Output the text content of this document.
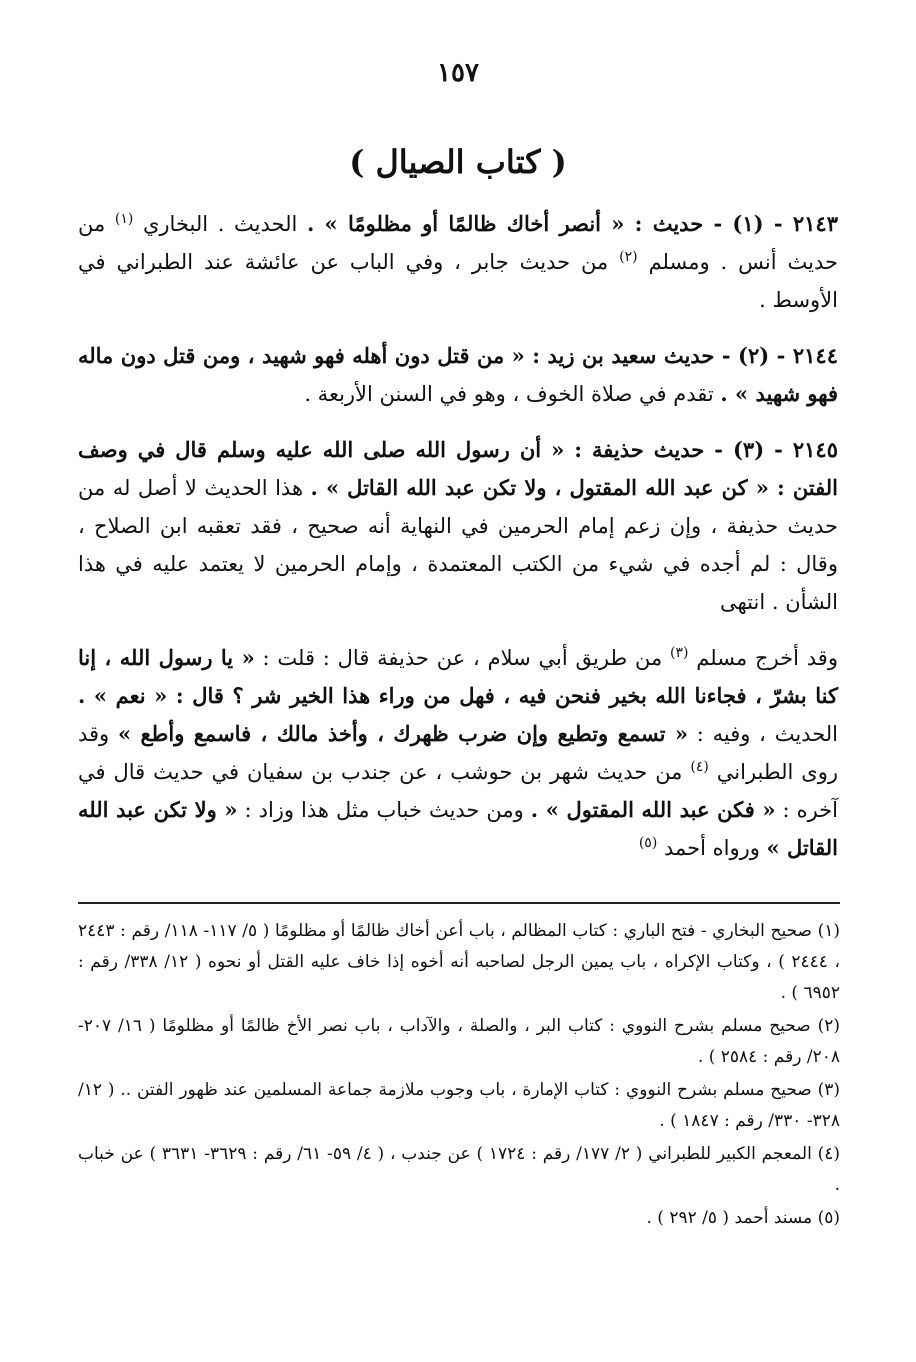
١٥٧
( كتاب الصيال )

٢١٤٣ - (١) - حديث : « أنصر أخاك ظالمًا أو مظلومًا » . الحديث . البخاري $^{(١)}$ من حديث أنس . ومسلم $^{(٢)}$ من حديث جابر ، وفي الباب عن عائشة عند الطبراني في الأوسط .

٢١٤٤ - (٢) - حديث سعيد بن زيد : « من قتل دون أهله فهو شهيد ، ومن قتل دون ماله فهو شهيد » . تقدم في صلاة الخوف ، وهو في السنن الأربعة .

٢١٤٥ - (٣) - حديث حذيفة : « أن رسول الله صلى الله عليه وسلم قال في وصف الفتن : « كن عبد الله المقتول ، ولا تكن عبد الله القاتل » . هذا الحديث لا أصل له من حديث حذيفة ، وإن زعم إمام الحرمين في النهاية أنه صحيح ، فقد تعقبه ابن الصلاح ، وقال : لم أجده في شيء من الكتب المعتمدة ، وإمام الحرمين لا يعتمد عليه في هذا الشأن . انتهى

وقد أخرج مسلم $^{(٣)}$ من طريق أبي سلام ، عن حذيفة قال : قلت : « يا رسول الله ، إنا كنا بشرّ ، فجاءنا الله بخير فنحن فيه ، فهل من وراء هذا الخير شر ؟ قال : « نعم » . الحديث ، وفيه : « تسمع وتطيع وإن ضرب ظهرك ، وأخذ مالك ، فاسمع وأطع » وقد روى الطبراني $^{(٤)}$ من حديث شهر بن حوشب ، عن جندب بن سفيان في حديث قال في آخره : « فكن عبد الله المقتول » . ومن حديث خباب مثل هذا وزاد : « ولا تكن عبد الله القاتل » ورواه أحمد $^{(٥)}$

(١) صحيح البخاري - فتح الباري : كتاب المظالم ، باب أعن أخاك ظالمًا أو مظلومًا ( ٥/ ١١٧- ١١٨/ رقم : ٢٤٤٣ ، ٢٤٤٤ ) ، وكتاب الإكراه ، باب يمين الرجل لصاحبه أنه أخوه إذا خاف عليه القتل أو نحوه ( ١٢/ ٣٣٨/ رقم : ٦٩٥٢ ) .

(٢) صحيح مسلم بشرح النووي : كتاب البر ، والصلة ، والآداب ، باب نصر الأخ ظالمًا أو مظلومًا ( ١٦/ ٢٠٧- ٢٠٨/ رقم : ٢٥٨٤ ) .

(٣) صحيح مسلم بشرح النووي : كتاب الإمارة ، باب وجوب ملازمة جماعة المسلمين عند ظهور الفتن .. ( ١٢/ ٣٢٨- ٣٣٠/ رقم : ١٨٤٧ ) .

(٤) المعجم الكبير للطبراني ( ٢/ ١٧٧/ رقم : ١٧٢٤ ) عن جندب ، ( ٤/ ٥٩- ٦١/ رقم : ٣٦٢٩- ٣٦٣١ ) عن خباب .

(٥) مسند أحمد ( ٥/ ٢٩٢ ) .
